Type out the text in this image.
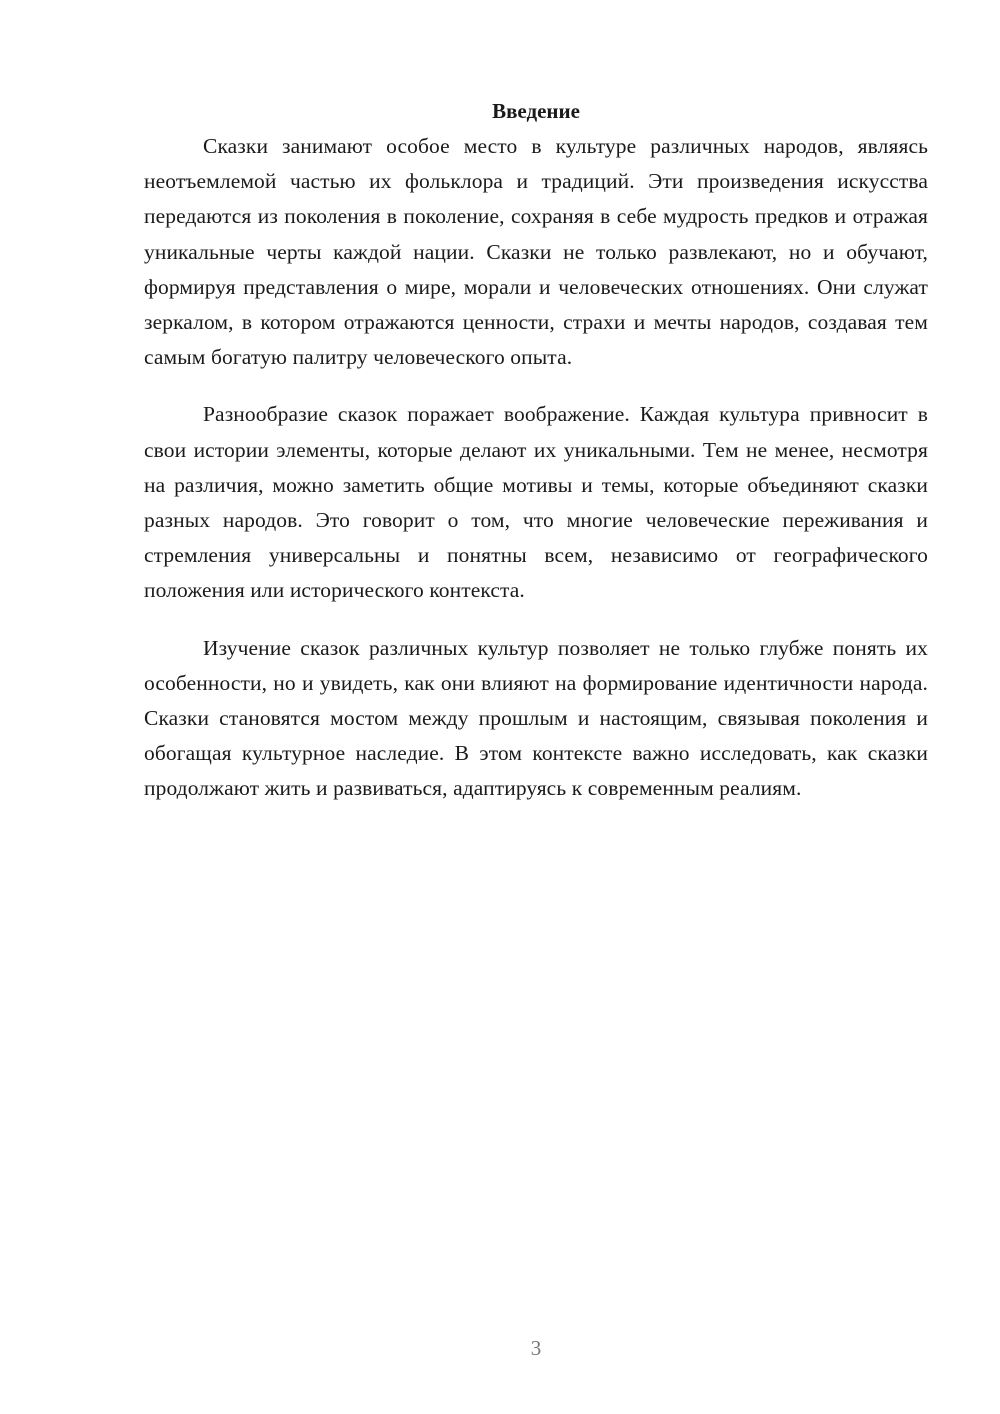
Введение

Сказки занимают особое место в культуре различных народов, являясь неотъемлемой частью их фольклора и традиций. Эти произведения искусства передаются из поколения в поколение, сохраняя в себе мудрость предков и отражая уникальные черты каждой нации. Сказки не только развлекают, но и обучают, формируя представления о мире, морали и человеческих отношениях. Они служат зеркалом, в котором отражаются ценности, страхи и мечты народов, создавая тем самым богатую палитру человеческого опыта.

Разнообразие сказок поражает воображение. Каждая культура привносит в свои истории элементы, которые делают их уникальными. Тем не менее, несмотря на различия, можно заметить общие мотивы и темы, которые объединяют сказки разных народов. Это говорит о том, что многие человеческие переживания и стремления универсальны и понятны всем, независимо от географического положения или исторического контекста.

Изучение сказок различных культур позволяет не только глубже понять их особенности, но и увидеть, как они влияют на формирование идентичности народа. Сказки становятся мостом между прошлым и настоящим, связывая поколения и обогащая культурное наследие. В этом контексте важно исследовать, как сказки продолжают жить и развиваться, адаптируясь к современным реалиям.

3
